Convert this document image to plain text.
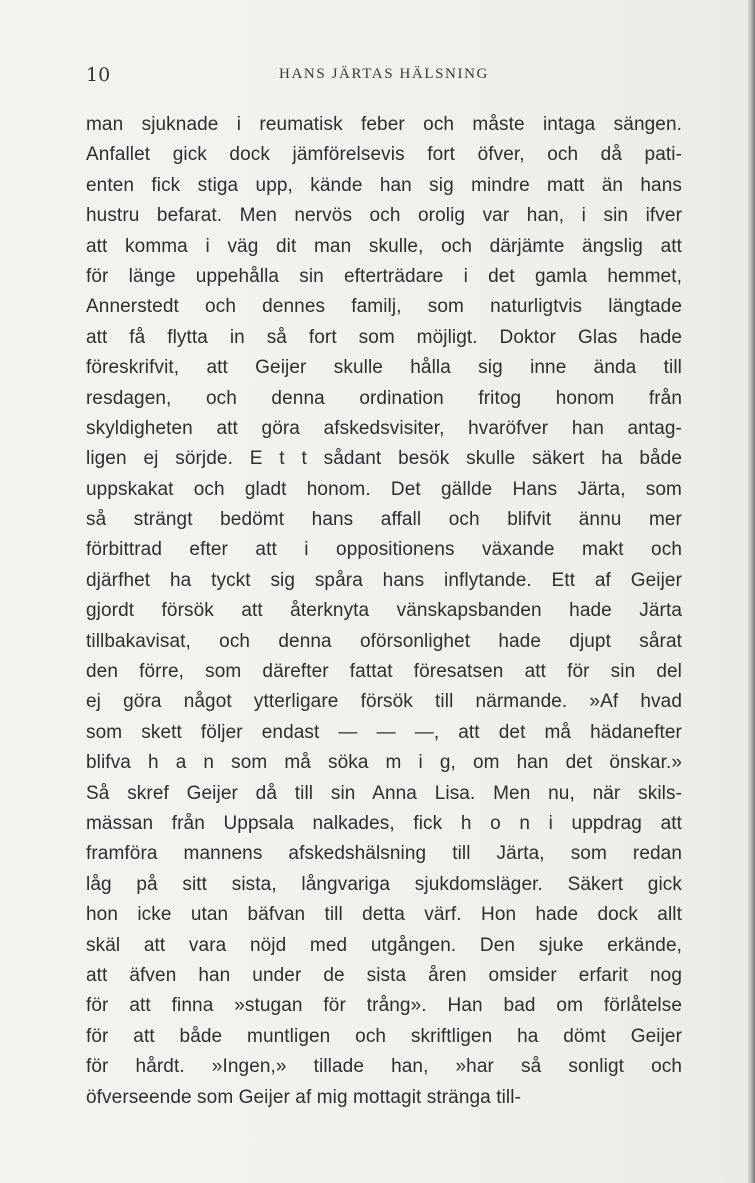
10	HANS JÄRTAS HÄLSNING
man sjuknade i reumatisk feber och måste intaga sängen.
Anfallet gick dock jämförelsevis fort öfver, och då pati-
enten fick stiga upp, kände han sig mindre matt än hans
hustru befarat. Men nervös och orolig var han, i sin ifver
att komma i väg dit man skulle, och därjämte ängslig att
för länge uppehålla sin efterträdare i det gamla hemmet,
Annerstedt och dennes familj, som naturligtvis längtade
att få flytta in så fort som möjligt. Doktor Glas hade
föreskrifvit, att Geijer skulle hålla sig inne ända till
resdagen, och denna ordination fritog honom från
skyldigheten att göra afskedsvisiter, hvaröfver han antag-
ligen ej sörjde. E t t sådant besök skulle säkert ha både
uppskakat och gladt honom. Det gällde Hans Järta, som
så strängt bedömt hans affall och blifvit ännu mer
förbittrad efter att i oppositionens växande makt och
djärfhet ha tyckt sig spåra hans inflytande. Ett af Geijer
gjordt försök att återknyta vänskapsbanden hade Järta
tillbakavisat, och denna oförsonlighet hade djupt sårat
den förre, som därefter fattat föresatsen att för sin del
ej göra något ytterligare försök till närmande. »Af hvad
som skett följer endast — — —, att det må hädanefter
blifva h a n som må söka m i g, om han det önskar.»
Så skref Geijer då till sin Anna Lisa. Men nu, när skils-
mässan från Uppsala nalkades, fick h o n i uppdrag att
framföra mannens afskedshälsning till Järta, som redan
låg på sitt sista, långvariga sjukdomsläger. Säkert gick
hon icke utan bäfvan till detta värf. Hon hade dock allt
skäl att vara nöjd med utgången. Den sjuke erkände,
att äfven han under de sista åren omsider erfarit nog
för att finna »stugan för trång». Han bad om förlåtelse
för att både muntligen och skriftligen ha dömt Geijer
för hårdt. »Ingen,» tillade han, »har så sonligt och
öfverseende som Geijer af mig mottagit stränga till-
